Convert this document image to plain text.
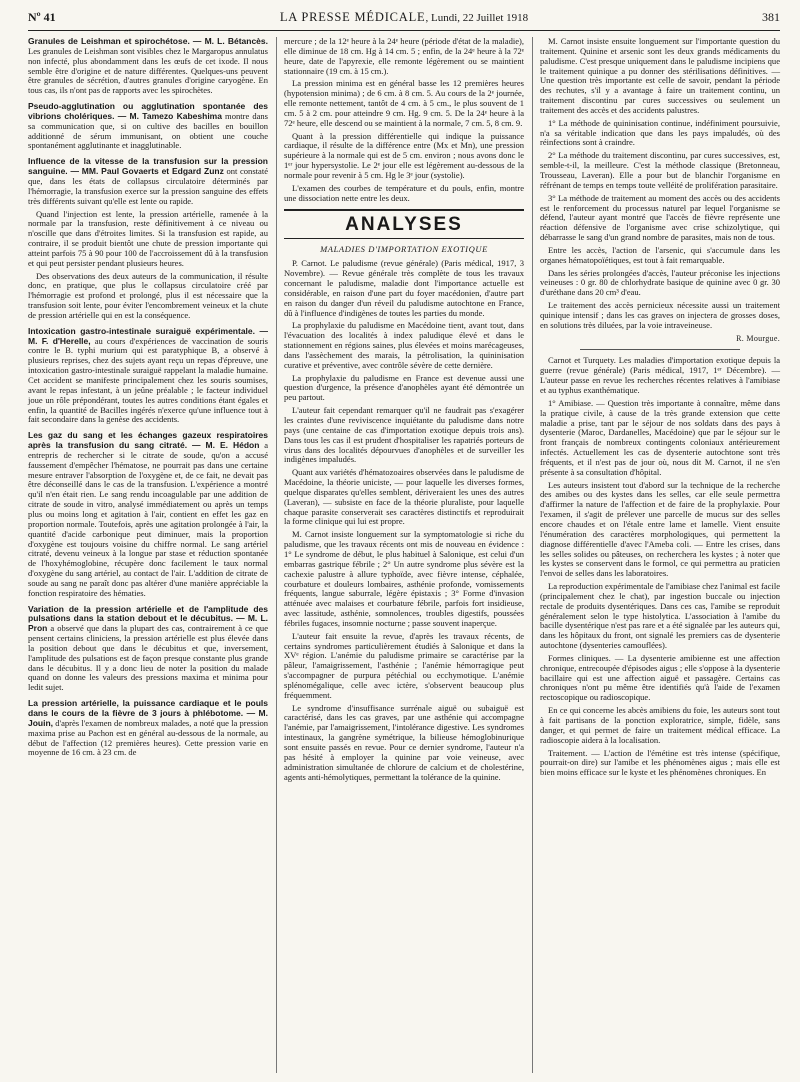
Nº 41	LA PRESSE MÉDICALE, Lundi, 22 Juillet 1918	381

Granules de Leishman et spirochétose. — M. L. Bétancès. Les granules de Leishman sont visibles chez le Margaropus annulatus non infecté, plus abondamment dans les œufs de cet ixode. Il nous semble être d'origine et de nature différentes. Quelques-uns peuvent être granules de sécrétion, d'autres granules d'origine caryogène. En tous cas, ils n'ont pas de rapports avec les spirochètes.

Pseudo-agglutination ou agglutination spontanée des vibrions cholériques. — M. Tamezo Kabeshima montre dans sa communication que, si on cultive des bacilles en bouillon additionné de sérum immunisant, on obtient une couche spontanément agglutinante et inagglutinable.

Influence de la vitesse de la transfusion sur la pression sanguine. — MM. Paul Govaerts et Edgard Zunz ont constaté que, dans les états de collapsus circulatoire déterminés par l'hémorragie, la transfusion exerce sur la pression sanguine des effets très différents suivant qu'elle est lente ou rapide.

Quand l'injection est lente, la pression artérielle, ramenée à la normale par la transfusion, reste définitivement à ce niveau ou n'oscille que dans d'étroites limites. Si la transfusion est rapide, au contraire, il se produit bientôt une chute de pression importante qui atteint parfois 75 à 90 pour 100 de l'accroissement dû à la transfusion et qui peut persister pendant plusieurs heures.

Des observations des deux auteurs de la communication, il résulte donc, en pratique, que plus le collapsus circulatoire créé par l'hémorragie est profond et prolongé, plus il est nécessaire que la transfusion soit lente, pour éviter l'encombrement veineux et la chute de pression artérielle qui en est la conséquence.

Intoxication gastro-intestinale suraiguë expérimentale. — M. F. d'Herelle, au cours d'expériences de vaccination de souris contre le B. typhi murium qui est paratyphique B, a observé à plusieurs reprises, chez des sujets ayant reçu un repas d'épreuve, une intoxication gastro-intestinale suraiguë rappelant la maladie humaine. Cet accident se manifeste principalement chez les souris soumises, avant le repas infestant, à un jeûne préalable ; le facteur individuel joue un rôle prépondérant, toutes les autres conditions étant égales et enfin, la quantité de Bacilles ingérés n'exerce qu'une influence tout à fait secondaire dans la genèse des accidents.

Les gaz du sang et les échanges gazeux respiratoires après la transfusion du sang citraté. — M. E. Hédon a entrepris de rechercher si le citrate de soude, qu'on a accusé faussement d'empêcher l'hématose, ne pourrait pas dans une certaine mesure entraver l'absorption de l'oxygène et, de ce fait, ne devait pas être déconseillé dans le cas de la transfusion. L'expérience a montré qu'il n'en était rien. Le sang rendu incoagulable par une addition de citrate de soude in vitro, analysé immédiatement ou après un temps plus ou moins long et agitation à l'air, contient en effet les gaz en proportion normale. Toutefois, après une agitation prolongée à l'air, la quantité d'acide carbonique peut diminuer, mais la proportion d'oxygène est toujours voisine du chiffre normal. Le sang artériel citraté, devenu veineux à la longue par stase et réduction spontanée de l'hoxyhémoglobine, récupère donc facilement le taux normal d'oxygène du sang artériel, au contact de l'air. L'addition de citrate de soude au sang ne paraît donc pas altérer d'une manière appréciable la fonction respiratoire des hématies.

Variation de la pression artérielle et de l'amplitude des pulsations dans la station debout et le décubitus. — M. L. Pron a observé que dans la plupart des cas, contrairement à ce que pensent certains cliniciens, la pression artérielle est plus élevée dans la position debout que dans le décubitus et que, inversement, l'amplitude des pulsations est de façon presque constante plus grande dans le décubitus. Il y a donc lieu de noter la position du malade quand on donne les valeurs des pressions maxima et minima pour ledit sujet.

La pression artérielle, la puissance cardiaque et le pouls dans le cours de la fièvre de 3 jours à phlébotome. — M. Jouin, d'après l'examen de nombreux malades, a noté que la pression maxima prise au Pachon est en général au-dessous de la normale, au début de l'affection (12 premières heures). Cette pression varie en moyenne de 16 cm. à 23 cm. de

mercure ; de la 12ᵉ heure à la 24ᵉ heure (période d'état de la maladie), elle diminue de 18 cm. Hg à 14 cm. 5 ; enfin, de la 24ᵉ heure à la 72ᵉ heure, date de l'apyrexie, elle remonte légèrement ou se maintient stationnaire (19 cm. à 15 cm.).

La pression minima est en général basse les 12 premières heures (hypotension minima) ; de 6 cm. à 8 cm. 5. Au cours de la 2ᵉ journée, elle remonte nettement, tantôt de 4 cm. à 5 cm., le plus souvent de 1 cm. 5 à 2 cm. pour atteindre 9 cm. Hg. 9 cm. 5. De la 24ᵉ heure à la 72ᵉ heure, elle descend ou se maintient à la normale, 7 cm. 5, 8 cm. 9.

Quant à la pression différentielle qui indique la puissance cardiaque, il résulte de la différence entre (Mx et Mn), une pression supérieure à la normale qui est de 5 cm. environ ; nous avons donc le 1ᵉʳ jour hypersystolie. Le 2ᵉ jour elle est légèrement au-dessous de la normale pour revenir à 5 cm. Hg le 3ᵉ jour (systolie).

L'examen des courbes de température et du pouls, enfin, montre une dissociation nette entre les deux.

ANALYSES
MALADIES D'IMPORTATION EXOTIQUE

P. Carnot. Le paludisme (revue générale) (Paris médical, 1917, 3 Novembre). — Revue générale très complète de tous les travaux concernant le paludisme, maladie dont l'importance actuelle est considérable, en raison d'une part du foyer macédonien, d'autre part en raison du danger d'un réveil du paludisme autochtone en France, dû à l'influence d'indigènes de toutes les parties du monde.

La prophylaxie du paludisme en Macédoine tient, avant tout, dans l'évacuation des localités à index paludique élevé et dans le stationnement en régions saines, plus élevées et moins marécageuses, dans l'assèchement des marais, la pétrolisation, la quininisation curative et préventive, avec contrôle sévère de cette dernière.

La prophylaxie du paludisme en France est devenue aussi une question d'urgence, la présence d'anophèles ayant été démontrée un peu partout.

L'auteur fait cependant remarquer qu'il ne faudrait pas s'exagérer les craintes d'une reviviscence inquiétante du paludisme dans notre pays (une centaine de cas d'importation exotique depuis trois ans). Dans tous les cas il est prudent d'hospitaliser les rapatriés porteurs de virus dans des localités dépourvues d'anophèles et de surveiller les indigènes impaludés.

Quant aux variétés d'hématozoaires observées dans le paludisme de Macédoine, la théorie uniciste, — pour laquelle les diverses formes, quelque disparates qu'elles semblent, dériveraient les unes des autres (Laveran), — subsiste en face de la théorie pluraliste, pour laquelle chaque parasite conserverait ses caractères distinctifs et reproduirait la forme clinique qui lui est propre.

M. Carnot insiste longuement sur la symptomatologie si riche du paludisme, que les travaux récents ont mis de nouveau en évidence : 1° Le syndrome de début, le plus habituel à Salonique, est celui d'un embarras gastrique fébrile ; 2° Un autre syndrome plus sévère est la cachexie palustre à allure typhoïde, avec fièvre intense, céphalée, courbature et douleurs lombaires, asthénie profonde, vomissements fréquents, langue saburrale, légère épistaxis ; 3° Forme d'invasion atténuée avec malaises et courbature fébrile, parfois fort insidieuse, avec lassitude, asthénie, somnolences, troubles digestifs, poussées fébriles fugaces, insomnie nocturne ; passe souvent inaperçue.

L'auteur fait ensuite la revue, d'après les travaux récents, de certains syndromes particulièrement étudiés à Salonique et dans la XVᵉ région. L'anémie du paludisme primaire se caractérise par la pâleur, l'amaigrissement, l'asthénie ; l'anémie hémorragique peut s'accompagner de purpura pétéchial ou ecchymotique. L'anémie splénomégalique, celle avec ictère, s'observent beaucoup plus fréquemment.

Le syndrome d'insuffisance surrénale aiguë ou subaiguë est caractérisé, dans les cas graves, par une asthénie qui accompagne l'anémie, par l'amaigrissement, l'intolérance digestive. Les syndromes intestinaux, la gangrène symétrique, la bilieuse hémoglobinurique sont ensuite passés en revue. Pour ce dernier syndrome, l'auteur n'a pas hésité à employer la quinine par voie veineuse, avec administration simultanée de chlorure de calcium et de cholestérine, agents anti-hémolytiques, permettant la tolérance de la quinine.

M. Carnot insiste ensuite longuement sur l'importante question du traitement. Quinine et arsenic sont les deux grands médicaments du paludisme. C'est presque uniquement dans le paludisme incipiens que le traitement quinique a pu donner des stérilisations définitives. — Une question très importante est celle de savoir, pendant la période des rechutes, s'il y a avantage à faire un traitement continu, un traitement discontinu par cures successives ou seulement un traitement des accès et des accidents palustres.

1° La méthode de quininisation continue, indéfiniment poursuivie, n'a sa véritable indication que dans les pays impaludés, où des réinfections sont à craindre.

2° La méthode du traitement discontinu, par cures successives, est, semble-t-il, la meilleure. C'est la méthode classique (Bretonneau, Trousseau, Laveran). Elle a pour but de blanchir l'organisme en réfrénant de temps en temps toute velléité de prolifération parasitaire.

3° La méthode de traitement au moment des accès ou des accidents est le renforcement du processus naturel par lequel l'organisme se défend, l'auteur ayant montré que l'accès de fièvre représente une réaction défensive de l'organisme avec crise schizolytique, qui débarrasse le sang d'un grand nombre de parasites, mais non de tous.

Entre les accès, l'action de l'arsenic, qui s'accumule dans les organes hématopoïétiques, est tout à fait remarquable.

Dans les séries prolongées d'accès, l'auteur préconise les injections veineuses : 0 gr. 80 de chlorhydrate basique de quinine avec 0 gr. 30 d'uréthane dans 20 cm³ d'eau.

Le traitement des accès pernicieux nécessite aussi un traitement quinique intensif ; dans les cas graves on injectera de grosses doses, en solutions très diluées, par la voie intraveineuse.

R. Mourgue.

Carnot et Turquety. Les maladies d'importation exotique depuis la guerre (revue générale) (Paris médical, 1917, 1ᵉʳ Décembre). — L'auteur passe en revue les recherches récentes relatives à l'amibiase et au typhus exanthématique.

1° Amibiase. — Question très importante à connaître, même dans la pratique civile, à cause de la très grande extension que cette maladie a prise, tant par le séjour de nos soldats dans des pays à dysenterie (Maroc, Dardanelles, Macédoine) que par le séjour sur le front français de nombreux contingents coloniaux antérieurement infectés. Actuellement les cas de dysenterie autochtone sont très fréquents, et il n'est pas de jour où, nous dit M. Carnot, il ne s'en présente à sa consultation d'hôpital.

Les auteurs insistent tout d'abord sur la technique de la recherche des amibes ou des kystes dans les selles, car elle seule permettra d'affirmer la nature de l'affection et de faire de la prophylaxie. Pour l'examen, il s'agit de prélever une parcelle de mucus sur des selles encore chaudes et on l'étale entre lame et lamelle. Vient ensuite l'énumération des caractères morphologiques, qui permettent la diagnose différentielle d'avec l'Ameba coli. — Entre les crises, dans les selles solides ou pâteuses, on recherchera les kystes ; à noter que les kystes se conservent dans le formol, ce qui permettra au praticien l'envoi de selles dans les laboratoires.

La reproduction expérimentale de l'amibiase chez l'animal est facile (principalement chez le chat), par ingestion buccale ou injection rectale de produits dysentériques. Dans ces cas, l'amibe se reproduit généralement selon le type histolytica. L'association à l'amibe du bacille dysentérique n'est pas rare et a été signalée par les auteurs qui, dans les hôpitaux du front, ont signalé les premiers cas de dysenterie autochtone (dysenteries camouflées).

Formes cliniques. — La dysenterie amibienne est une affection chronique, entrecoupée d'épisodes aigus ; elle s'oppose à la dysenterie bacillaire qui est une affection aiguë et passagère. Certains cas chroniques n'ont pu même être identifiés qu'à l'aide de l'examen rectoscopique ou radioscopique.

En ce qui concerne les abcès amibiens du foie, les auteurs sont tout à fait partisans de la ponction exploratrice, simple, fidèle, sans danger, et qui permet de faire un traitement médical efficace. La radioscopie aidera à la localisation.

Traitement. — L'action de l'émétine est très intense (spécifique, pourrait-on dire) sur l'amibe et les phénomènes aigus ; mais elle est bien moins efficace sur le kyste et les phénomènes chroniques. En
